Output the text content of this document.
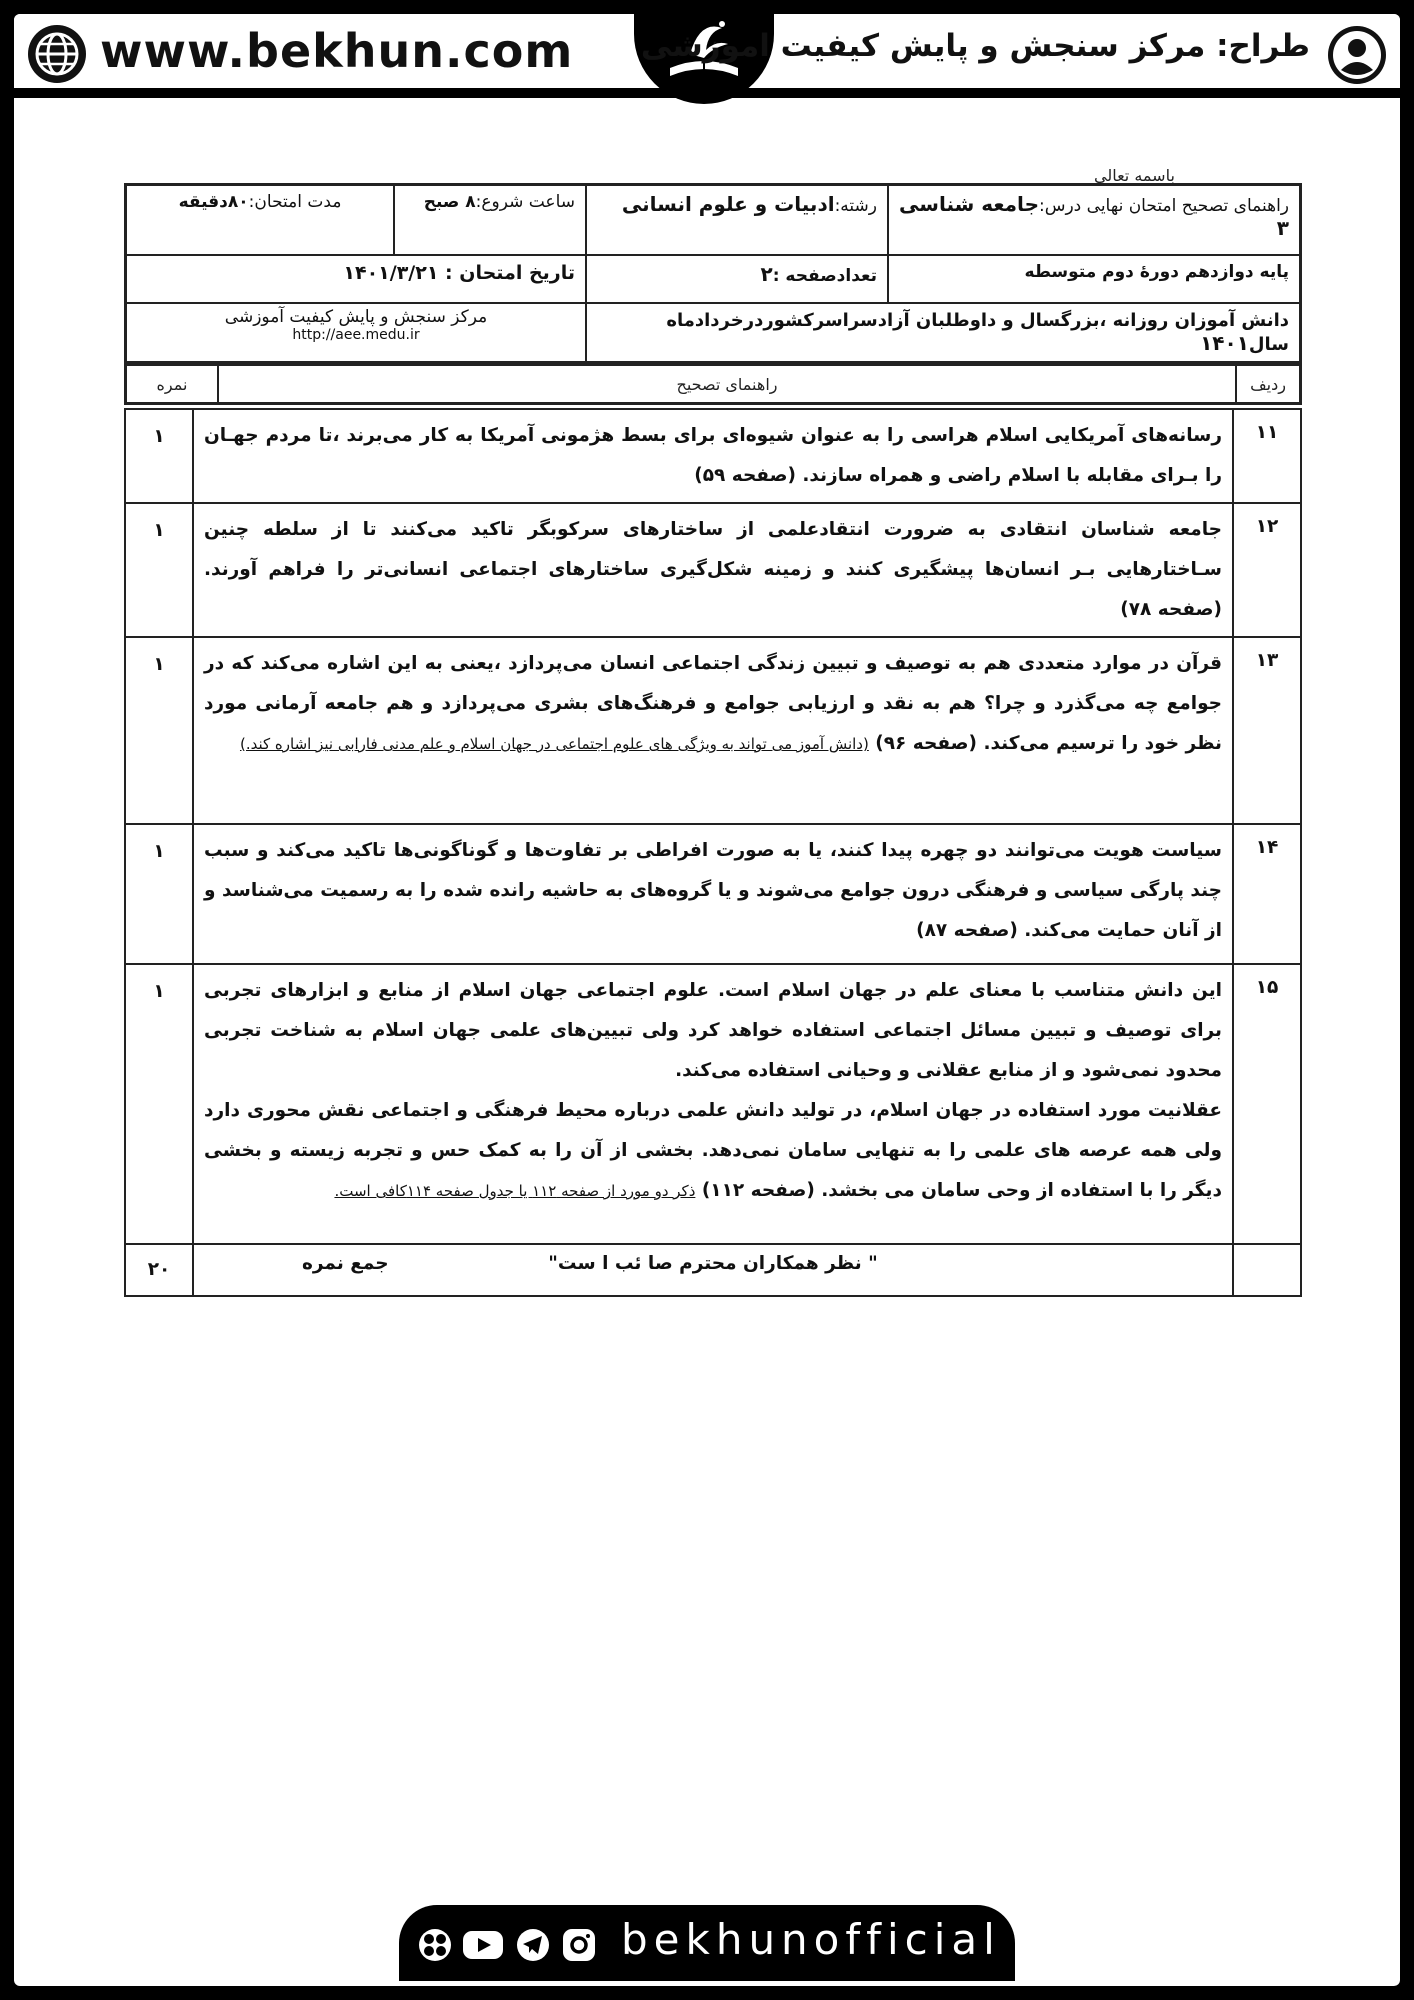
www.bekhun.com طراح: مرکز سنجش و پایش کیفیت اموزشی
باسمه تعالی
راهنمای تصحیح امتحان نهایی درس:جامعه شناسی ۳	رشته:ادبیات و علوم انسانی	ساعت شروع:۸ صبح	مدت امتحان:۸۰دقیقه
پایه دوازدهم دورهٔ دوم متوسطه	تعدادصفحه :۲	تاریخ امتحان : ۱۴۰۱/۳/۲۱	
دانش آموزان روزانه ،بزرگسال و داوطلبان آزادسراسرکشوردرخردادماه سال۱۴۰۱		مرکز سنجش و پایش کیفیت آموزشی
http://aee.medu.ir	
ردیف	راهنمای تصحیح	نمره
۱۱	رسانه‌های آمریکایی اسلام هراسی را به عنوان شیوه‌ای برای بسط هژمونی آمریکا به کار می‌برند ،تا مردم جهـان را بـرای مقابله با اسلام راضی و همراه سازند. (صفحه ۵۹)	۱
۱۲	جامعه شناسان انتقادی به ضرورت انتقادعلمی از ساختارهای سرکوبگر تاکید می‌کنند تا از سلطه چنین سـاختارهایی بـر انسان‌ها پیشگیری کنند و زمینه شکل‌گیری ساختارهای اجتماعی انسانی‌تر را فراهم آورند. (صفحه ۷۸)	۱
۱۳	قرآن در موارد متعددی هم به توصیف و تبیین زندگی اجتماعی انسان می‌پردازد ،یعنی به این اشاره می‌کند که در جوامع چه می‌گذرد و چرا؟ هم به نقد و ارزیابی جوامع و فرهنگ‌های بشری می‌پردازد و هم جامعه آرمانی مورد نظر خود را ترسیم می‌کند. (صفحه ۹۶) (دانش آموز می تواند به ویژگی های علوم اجتماعی در جهان اسلام و علم مدنی فارابی نیز اشاره کند.)	۱
۱۴	سیاست هویت می‌توانند دو چهره پیدا کنند، یا به صورت افراطی بر تفاوت‌ها و گوناگونی‌ها تاکید می‌کند و سبب چند پارگی سیاسی و فرهنگی درون جوامع می‌شوند و یا گروه‌های به حاشیه رانده شده را به رسمیت می‌شناسد و از آنان حمایت می‌کند. (صفحه ۸۷)	۱
۱۵	این دانش متناسب با معنای علم در جهان اسلام است. علوم اجتماعی جهان اسلام از منابع و ابزارهای تجربی برای توصیف و تبیین مسائل اجتماعی استفاده خواهد کرد ولی تبیین‌های علمی جهان اسلام به شناخت تجربی محدود نمی‌شود و از منابع عقلانی و وحیانی استفاده می‌کند.

عقلانیت مورد استفاده در جهان اسلام، در تولید دانش علمی درباره محیط فرهنگی و اجتماعی نقش محوری دارد ولی همه عرصه های علمی را به تنهایی سامان نمی‌دهد. بخشی از آن را به کمک حس و تجربه زیسته و بخشی دیگر را با استفاده از وحی سامان می بخشد. (صفحه ۱۱۲) ذکر دو مورد از صفحه ۱۱۲ یا جدول صفحه ۱۱۴کافی است.	۱
	" نظر همکاران محترم صا ئب ا ست"
جمع نمره	۲۰
bekhunofficial
